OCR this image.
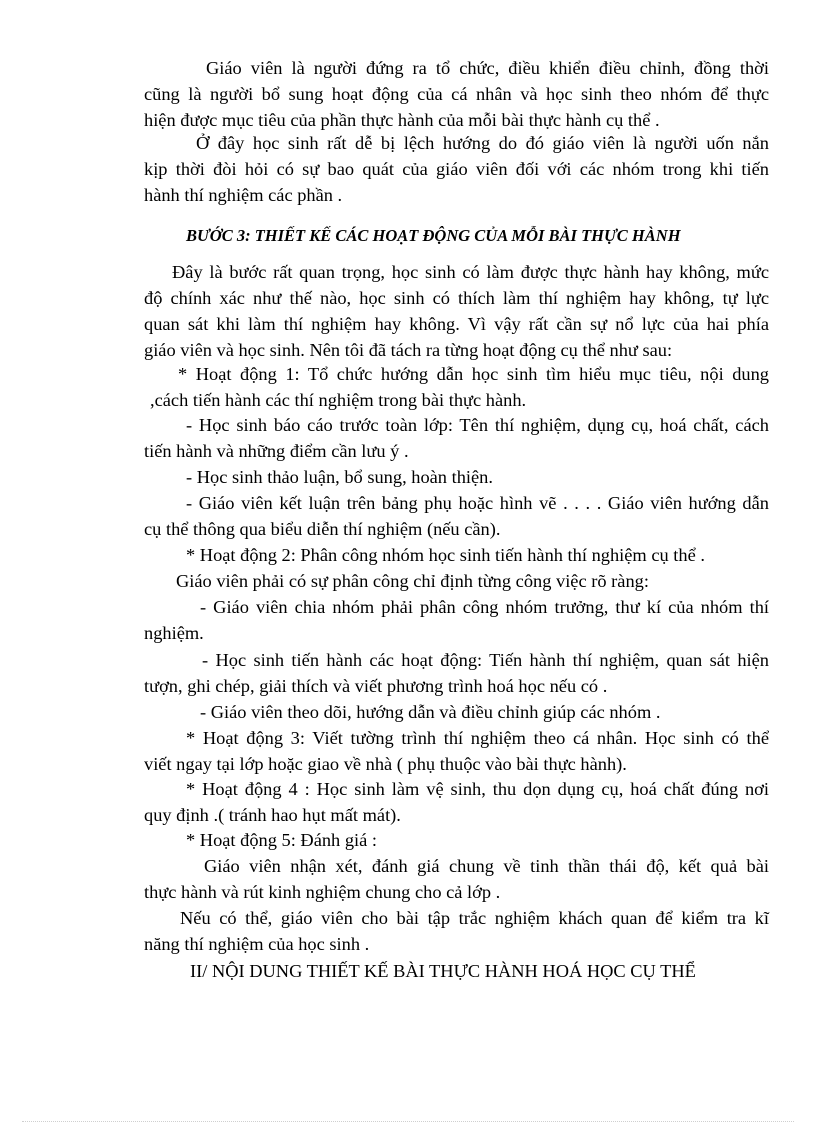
Giáo viên là người đứng ra tổ chức, điều khiển điều chỉnh, đồng thời
cũng là người bổ sung hoạt động của cá nhân và học sinh theo nhóm để thực
hiện được mục tiêu của phần thực hành của mỗi bài thực hành cụ thể .
Ở đây học sinh rất dễ bị lệch hướng do đó giáo viên là người uốn nắn
kịp thời đòi hỏi có sự bao quát của giáo viên đối với các nhóm trong khi tiến
hành thí nghiệm các phần .
BƯỚC 3: THIẾT KẾ CÁC HOẠT ĐỘNG CỦA MỖI BÀI THỰC HÀNH
Đây là bước rất quan trọng, học sinh có làm được thực hành hay không, mức
độ chính xác như thế nào, học sinh có thích làm thí nghiệm hay không, tự lực
quan sát khi làm thí nghiệm hay không. Vì vậy rất cần sự nổ lực của hai phía
giáo viên và học sinh. Nên tôi đã tách ra từng hoạt động cụ thể như sau:
* Hoạt động 1: Tổ chức hướng dẫn học sinh tìm hiểu mục tiêu, nội dung
,cách tiến hành các thí nghiệm trong bài thực hành.
- Học sinh báo cáo trước toàn lớp: Tên thí nghiệm, dụng cụ, hoá chất, cách
tiến hành và những điểm cần lưu ý .
- Học sinh thảo luận, bổ sung, hoàn thiện.
- Giáo viên kết luận trên bảng phụ hoặc hình vẽ . . . . Giáo viên hướng dẫn
cụ thể thông qua biểu diễn thí nghiệm (nếu cần).
* Hoạt động 2: Phân công nhóm học sinh tiến hành thí nghiệm cụ thể .
Giáo viên phải có sự phân công chỉ định từng công việc rõ ràng:
- Giáo viên chia nhóm phải phân công nhóm trưởng, thư kí của nhóm thí
nghiệm.
- Học sinh tiến hành các hoạt động: Tiến hành thí nghiệm, quan sát hiện
tượn, ghi chép, giải thích và viết phương trình hoá học nếu có .
- Giáo viên theo dõi, hướng dẫn và điều chỉnh giúp các nhóm .
* Hoạt động 3: Viết tường trình thí nghiệm theo cá nhân. Học sinh có thể
viết ngay tại lớp hoặc giao về nhà ( phụ thuộc vào bài thực hành).
* Hoạt động 4 : Học sinh làm vệ sinh, thu dọn dụng cụ, hoá chất đúng nơi
quy định .( tránh hao hụt mất mát).
* Hoạt động 5: Đánh giá :
Giáo viên nhận xét, đánh giá chung về tinh thần thái độ, kết quả bài
thực hành và rút kinh nghiệm chung cho cả lớp .
Nếu có thể, giáo viên cho bài tập trắc nghiệm khách quan để kiểm tra kĩ
năng thí nghiệm của học sinh .
II/ NỘI DUNG THIẾT KẾ BÀI THỰC HÀNH HOÁ HỌC CỤ THỂ
